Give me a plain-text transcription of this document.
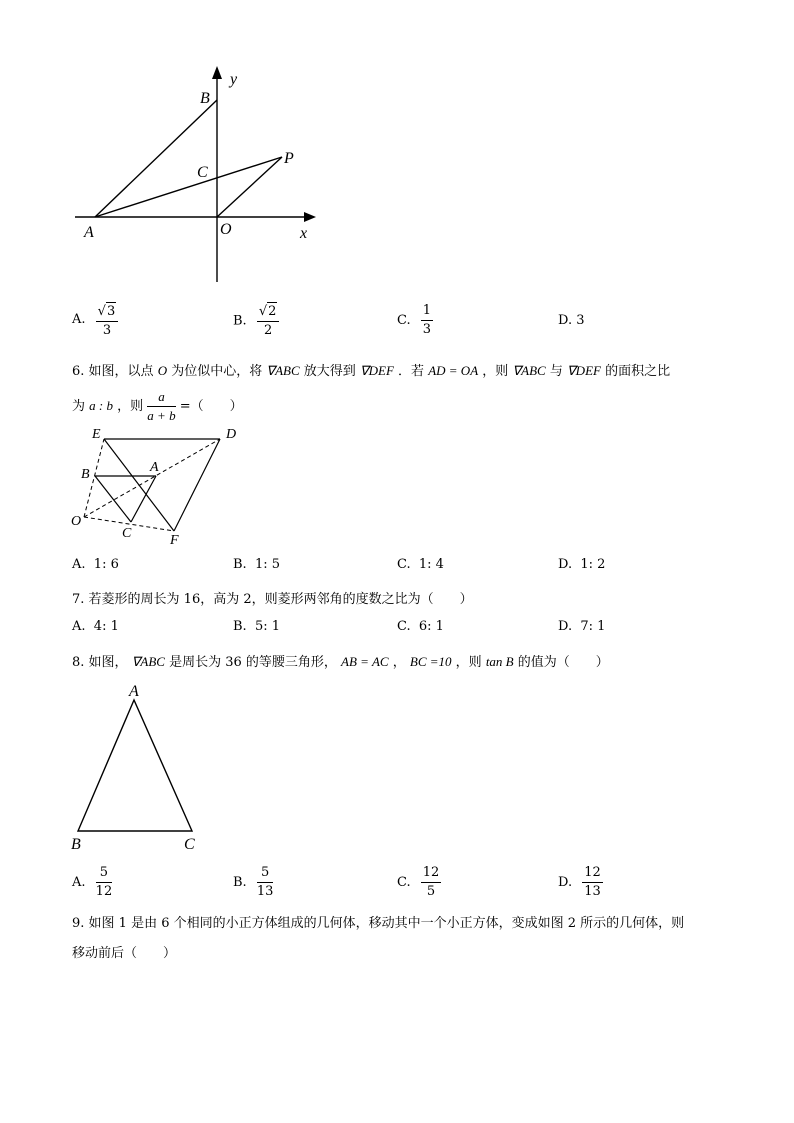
y
B
C
P
A	O	x
A. $\frac{√3}{3}$	B. $\frac{√2}{2}$	C. $\frac{1}{3}$	D. 3
6. 如图，以点 O 为位似中心，将 ∇ABC 放大得到 ∇DEF ．若 AD = OA ，则 ∇ABC 与 ∇DEF 的面积之比
为 a : b ，则 $\frac{a}{a + b}$ =（　　）
E	D
B	A
O
C	F
A. 1: 6	B. 1: 5	C. 1: 4	D. 1: 2
7. 若菱形的周长为 16，高为 2，则菱形两邻角的度数之比为（　　）
A. 4: 1	B. 5: 1	C. 6: 1	D. 7: 1
8. 如图， ∇ABC 是周长为 36 的等腰三角形， AB = AC ， BC =10 ，则 tan B 的值为（　　）
A
B	C
A. $\frac{5}{12}$	B. $\frac{5}{13}$	C. $\frac{12}{5}$	D. $\frac{12}{13}$
9. 如图 1 是由 6 个相同的小正方体组成的几何体，移动其中一个小正方体，变成如图 2 所示的几何体，则
移动前后（　　）
